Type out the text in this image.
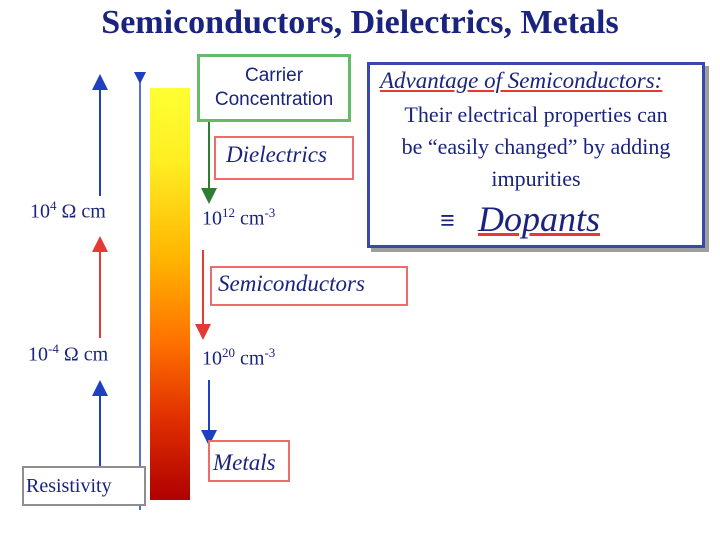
Semiconductors, Dielectrics, Metals
Carrier
Concentration
Dielectrics
Advantage of Semiconductors:
Their electrical properties can
be “easily changed” by adding
impurities
≡ Dopants
$10^4$ Ω cm
$10^{-4}$ Ω cm
$10^{12}$ $cm^{-3}$
$10^{20}$ $cm^{-3}$
Semiconductors
Metals
Resistivity
